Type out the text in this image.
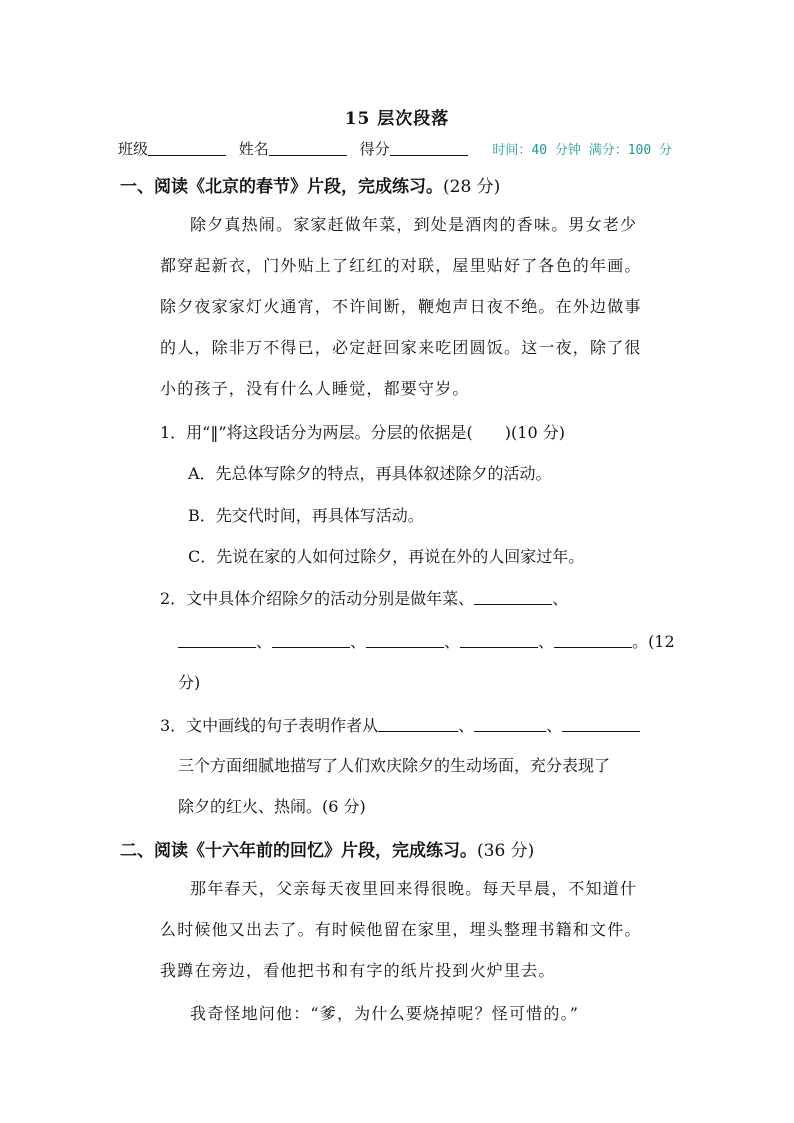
15 层次段落
班级	姓名	得分	时间：40 分钟 满分：100 分
一、阅读《北京的春节》片段，完成练习。(28 分)
除夕真热闹。家家赶做年菜，到处是酒肉的香味。男女老少
都穿起新衣，门外贴上了红红的对联，屋里贴好了各色的年画。
除夕夜家家灯火通宵，不许间断，鞭炮声日夜不绝。在外边做事
的人，除非万不得已，必定赶回家来吃团圆饭。这一夜，除了很
小的孩子，没有什么人睡觉，都要守岁。
1．用“‖”将这段话分为两层。分层的依据是(　　)(10 分)
A．先总体写除夕的特点，再具体叙述除夕的活动。
B．先交代时间，再具体写活动。
C．先说在家的人如何过除夕，再说在外的人回家过年。
2．文中具体介绍除夕的活动分别是做年菜、	、
、	、	、	、	。(12
分)
3．文中画线的句子表明作者从	、	、
三个方面细腻地描写了人们欢庆除夕的生动场面，充分表现了
除夕的红火、热闹。(6 分)
二、阅读《十六年前的回忆》片段，完成练习。(36 分)
那年春天，父亲每天夜里回来得很晚。每天早晨，不知道什
么时候他又出去了。有时候他留在家里，埋头整理书籍和文件。
我蹲在旁边，看他把书和有字的纸片投到火炉里去。
我奇怪地问他：“爹，为什么要烧掉呢？怪可惜的。”
